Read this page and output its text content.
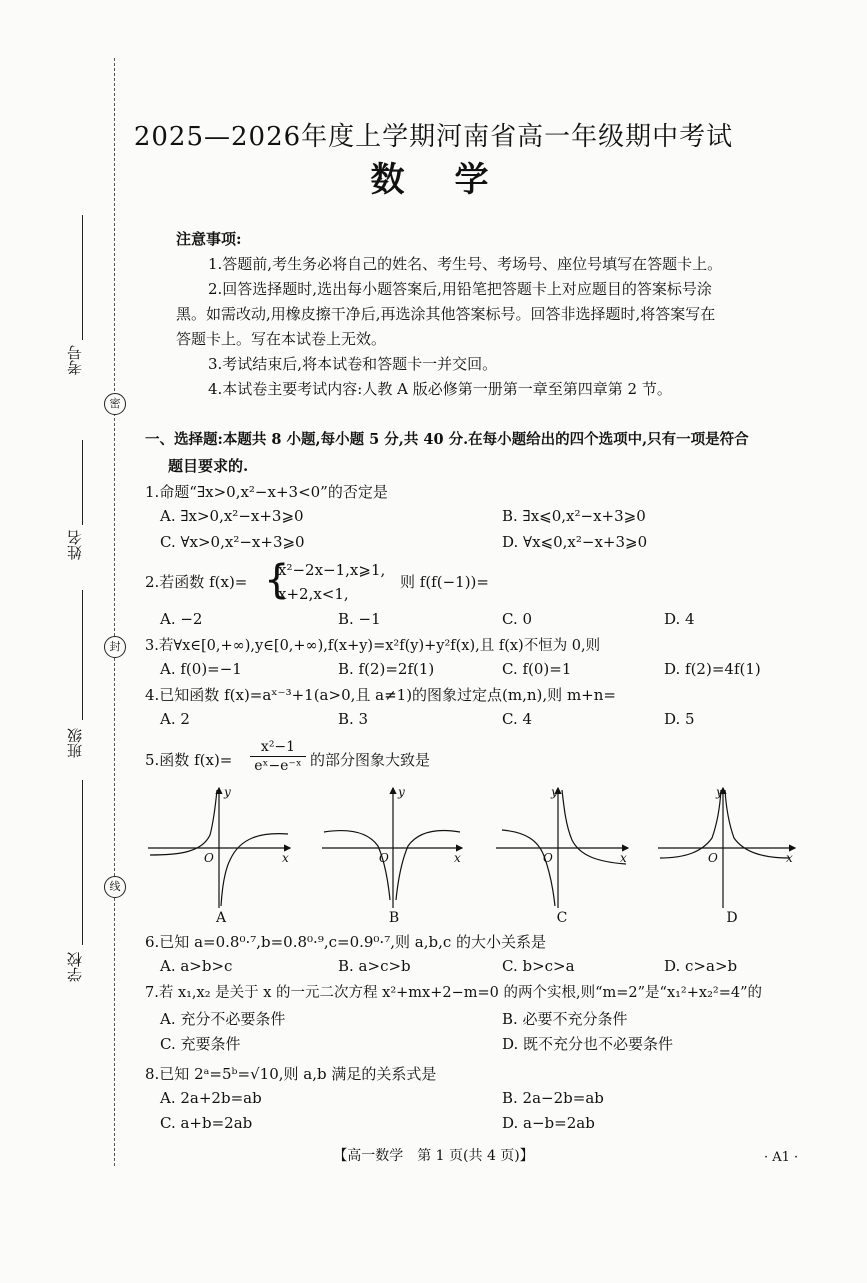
密
封
线
考号
姓名
班级
学校
2025—2026年度上学期河南省高一年级期中考试
数　学
注意事项:
1.答题前,考生务必将自己的姓名、考生号、考场号、座位号填写在答题卡上。
2.回答选择题时,选出每小题答案后,用铅笔把答题卡上对应题目的答案标号涂
黑。如需改动,用橡皮擦干净后,再选涂其他答案标号。回答非选择题时,将答案写在
答题卡上。写在本试卷上无效。
3.考试结束后,将本试卷和答题卡一并交回。
4.本试卷主要考试内容:人教 A 版必修第一册第一章至第四章第 2 节。
一、选择题:本题共 8 小题,每小题 5 分,共 40 分.在每小题给出的四个选项中,只有一项是符合
题目要求的.
1.命题“∃x>0,x²−x+3<0”的否定是
A. ∃x>0,x²−x+3⩾0	B. ∃x⩽0,x²−x+3⩾0
C. ∀x>0,x²−x+3⩾0	D. ∀x⩽0,x²−x+3⩾0
2.若函数 f(x)= {
x²−2x−1,x⩾1,
x+2,x<1,
则 f(f(−1))=
A. −2	B. −1	C. 0	D. 4
3.若∀x∈[0,+∞),y∈[0,+∞),f(x+y)=x²f(y)+y²f(x),且 f(x)不恒为 0,则
A. f(0)=−1	B. f(2)=2f(1)	C. f(0)=1	D. f(2)=4f(1)
4.已知函数 f(x)=aˣ⁻³+1(a>0,且 a≠1)的图象过定点(m,n),则 m+n=
A. 2	B. 3	C. 4	D. 5
5.函数 $f(x)= \frac{\text{x²−1}}{\text{eˣ−e⁻ˣ}}$ 的部分图象大致是
y
x
O
y
x
O
y
x
O
y
x
O
A	B	C	D
6.已知 a=0.8⁰·⁷,b=0.8⁰·⁹,c=0.9⁰·⁷,则 a,b,c 的大小关系是
A. a>b>c	B. a>c>b	C. b>c>a	D. c>a>b
7.若 x₁,x₂ 是关于 x 的一元二次方程 x²+mx+2−m=0 的两个实根,则“m=2”是“x₁²+x₂²=4”的
A. 充分不必要条件	B. 必要不充分条件
C. 充要条件	D. 既不充分也不必要条件
8.已知 2ᵃ=5ᵇ=√10,则 a,b 满足的关系式是
A. 2a+2b=ab	B. 2a−2b=ab
C. a+b=2ab	D. a−b=2ab
【高一数学　第 1 页(共 4 页)】	· A1 ·
